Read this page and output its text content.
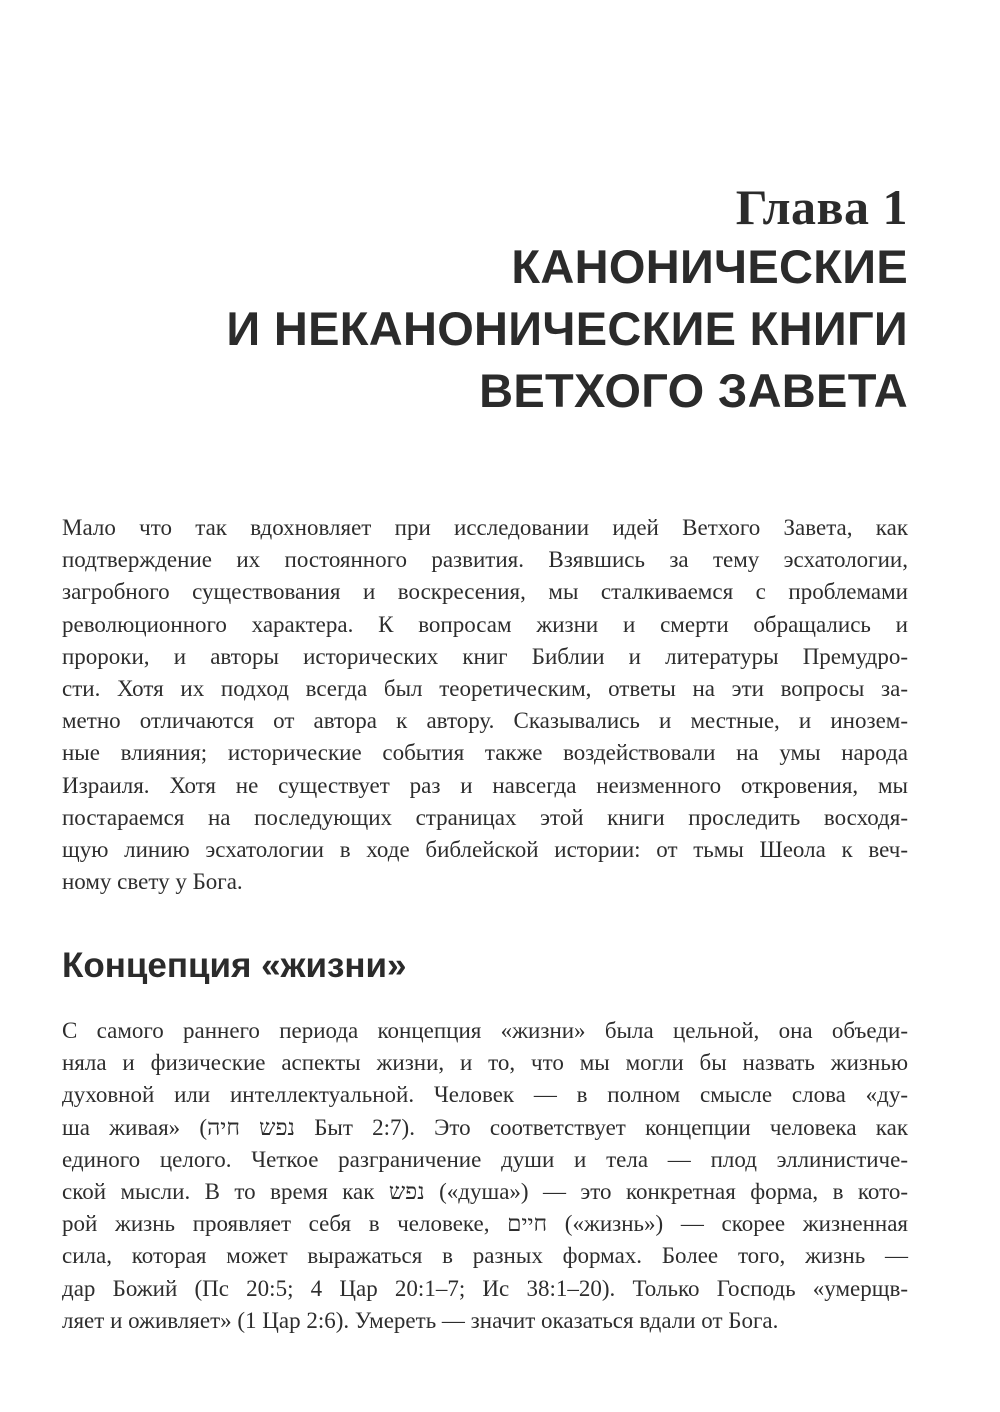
Глава 1
КАНОНИЧЕСКИЕ
И НЕКАНОНИЧЕСКИЕ КНИГИ
ВЕТХОГО ЗАВЕТА
Мало что так вдохновляет при исследовании идей Ветхого Завета, как
подтверждение их постоянного развития. Взявшись за тему эсхатологии,
загробного существования и воскресения, мы сталкиваемся с проблемами
революционного характера. К вопросам жизни и смерти обращались и
пророки, и авторы исторических книг Библии и литературы Премудро-
сти. Хотя их подход всегда был теоретическим, ответы на эти вопросы за-
метно отличаются от автора к автору. Сказывались и местные, и инозем-
ные влияния; исторические события также воздействовали на умы народа
Израиля. Хотя не существует раз и навсегда неизменного откровения, мы
постараемся на последующих страницах этой книги проследить восходя-
щую линию эсхатологии в ходе библейской истории: от тьмы Шеола к веч-
ному свету у Бога.
Концепция «жизни»
С самого раннего периода концепция «жизни» была цельной, она объеди-
няла и физические аспекты жизни, и то, что мы могли бы назвать жизнью
духовной или интеллектуальной. Человек — в полном смысле слова «ду-
ша живая» (נפש חיה Быт 2:7). Это соответствует концепции человека как
единого целого. Четкое разграничение души и тела — плод эллинистиче-
ской мысли. В то время как נפש («душа») — это конкретная форма, в кото-
рой жизнь проявляет себя в человеке, חיים («жизнь») — скорее жизненная
сила, которая может выражаться в разных формах. Более того, жизнь —
дар Божий (Пс 20:5; 4 Цар 20:1–7; Ис 38:1–20). Только Господь «умерщв-
ляет и оживляет» (1 Цар 2:6). Умереть — значит оказаться вдали от Бога.
